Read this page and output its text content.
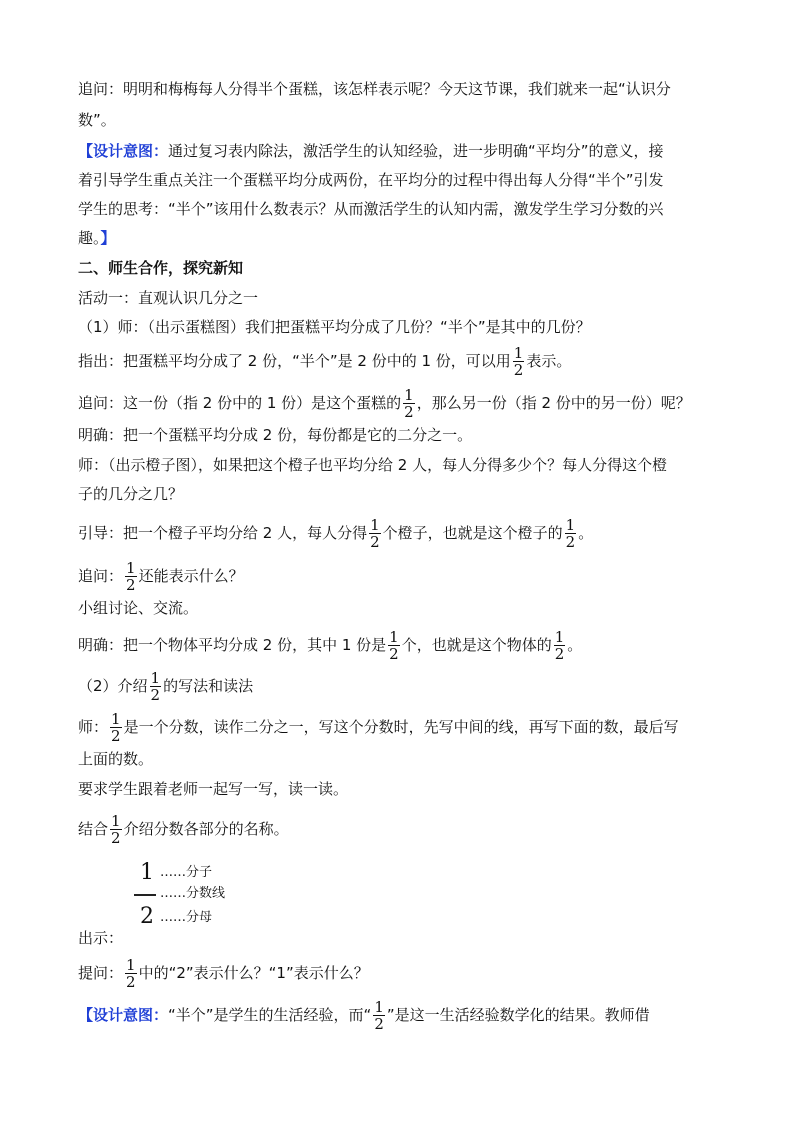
追问：明明和梅梅每人分得半个蛋糕，该怎样表示呢？今天这节课，我们就来一起“认识分
数”。
【设计意图：通过复习表内除法，激活学生的认知经验，进一步明确“平均分”的意义，接
着引导学生重点关注一个蛋糕平均分成两份，在平均分的过程中得出每人分得“半个”引发
学生的思考：“半个”该用什么数表示？从而激活学生的认知内需，激发学生学习分数的兴
趣。】
二、师生合作，探究新知
活动一：直观认识几分之一
（1）师：（出示蛋糕图）我们把蛋糕平均分成了几份？“半个”是其中的几份？
指出：把蛋糕平均分成了 2 份，“半个”是 2 份中的 1 份，可以用 $\frac{1}{2}$ 表示。
追问：这一份（指 2 份中的 1 份）是这个蛋糕的 $\frac{1}{2}$ ，那么另一份（指 2 份中的另一份）呢？
明确：把一个蛋糕平均分成 2 份，每份都是它的二分之一。
师：（出示橙子图），如果把这个橙子也平均分给 2 人，每人分得多少个？每人分得这个橙
子的几分之几？
引导：把一个橙子平均分给 2 人，每人分得 $\frac{1}{2}$ 个橙子，也就是这个橙子的 $\frac{1}{2}$ 。
追问： $\frac{1}{2}$ 还能表示什么？
小组讨论、交流。
明确：把一个物体平均分成 2 份，其中 1 份是 $\frac{1}{2}$ 个，也就是这个物体的 $\frac{1}{2}$ 。
（2）介绍 $\frac{1}{2}$ 的写法和读法
师： $\frac{1}{2}$ 是一个分数，读作二分之一，写这个分数时，先写中间的线，再写下面的数，最后写
上面的数。
要求学生跟着老师一起写一写，读一读。
结合 $\frac{1}{2}$ 介绍分数各部分的名称。
1 ……分子
……分数线
2 ……分母
出示：
提问： $\frac{1}{2}$ 中的“2”表示什么？“1”表示什么？
【设计意图：“半个”是学生的生活经验，而“ $\frac{1}{2}$ ”是这一生活经验数学化的结果。教师借
